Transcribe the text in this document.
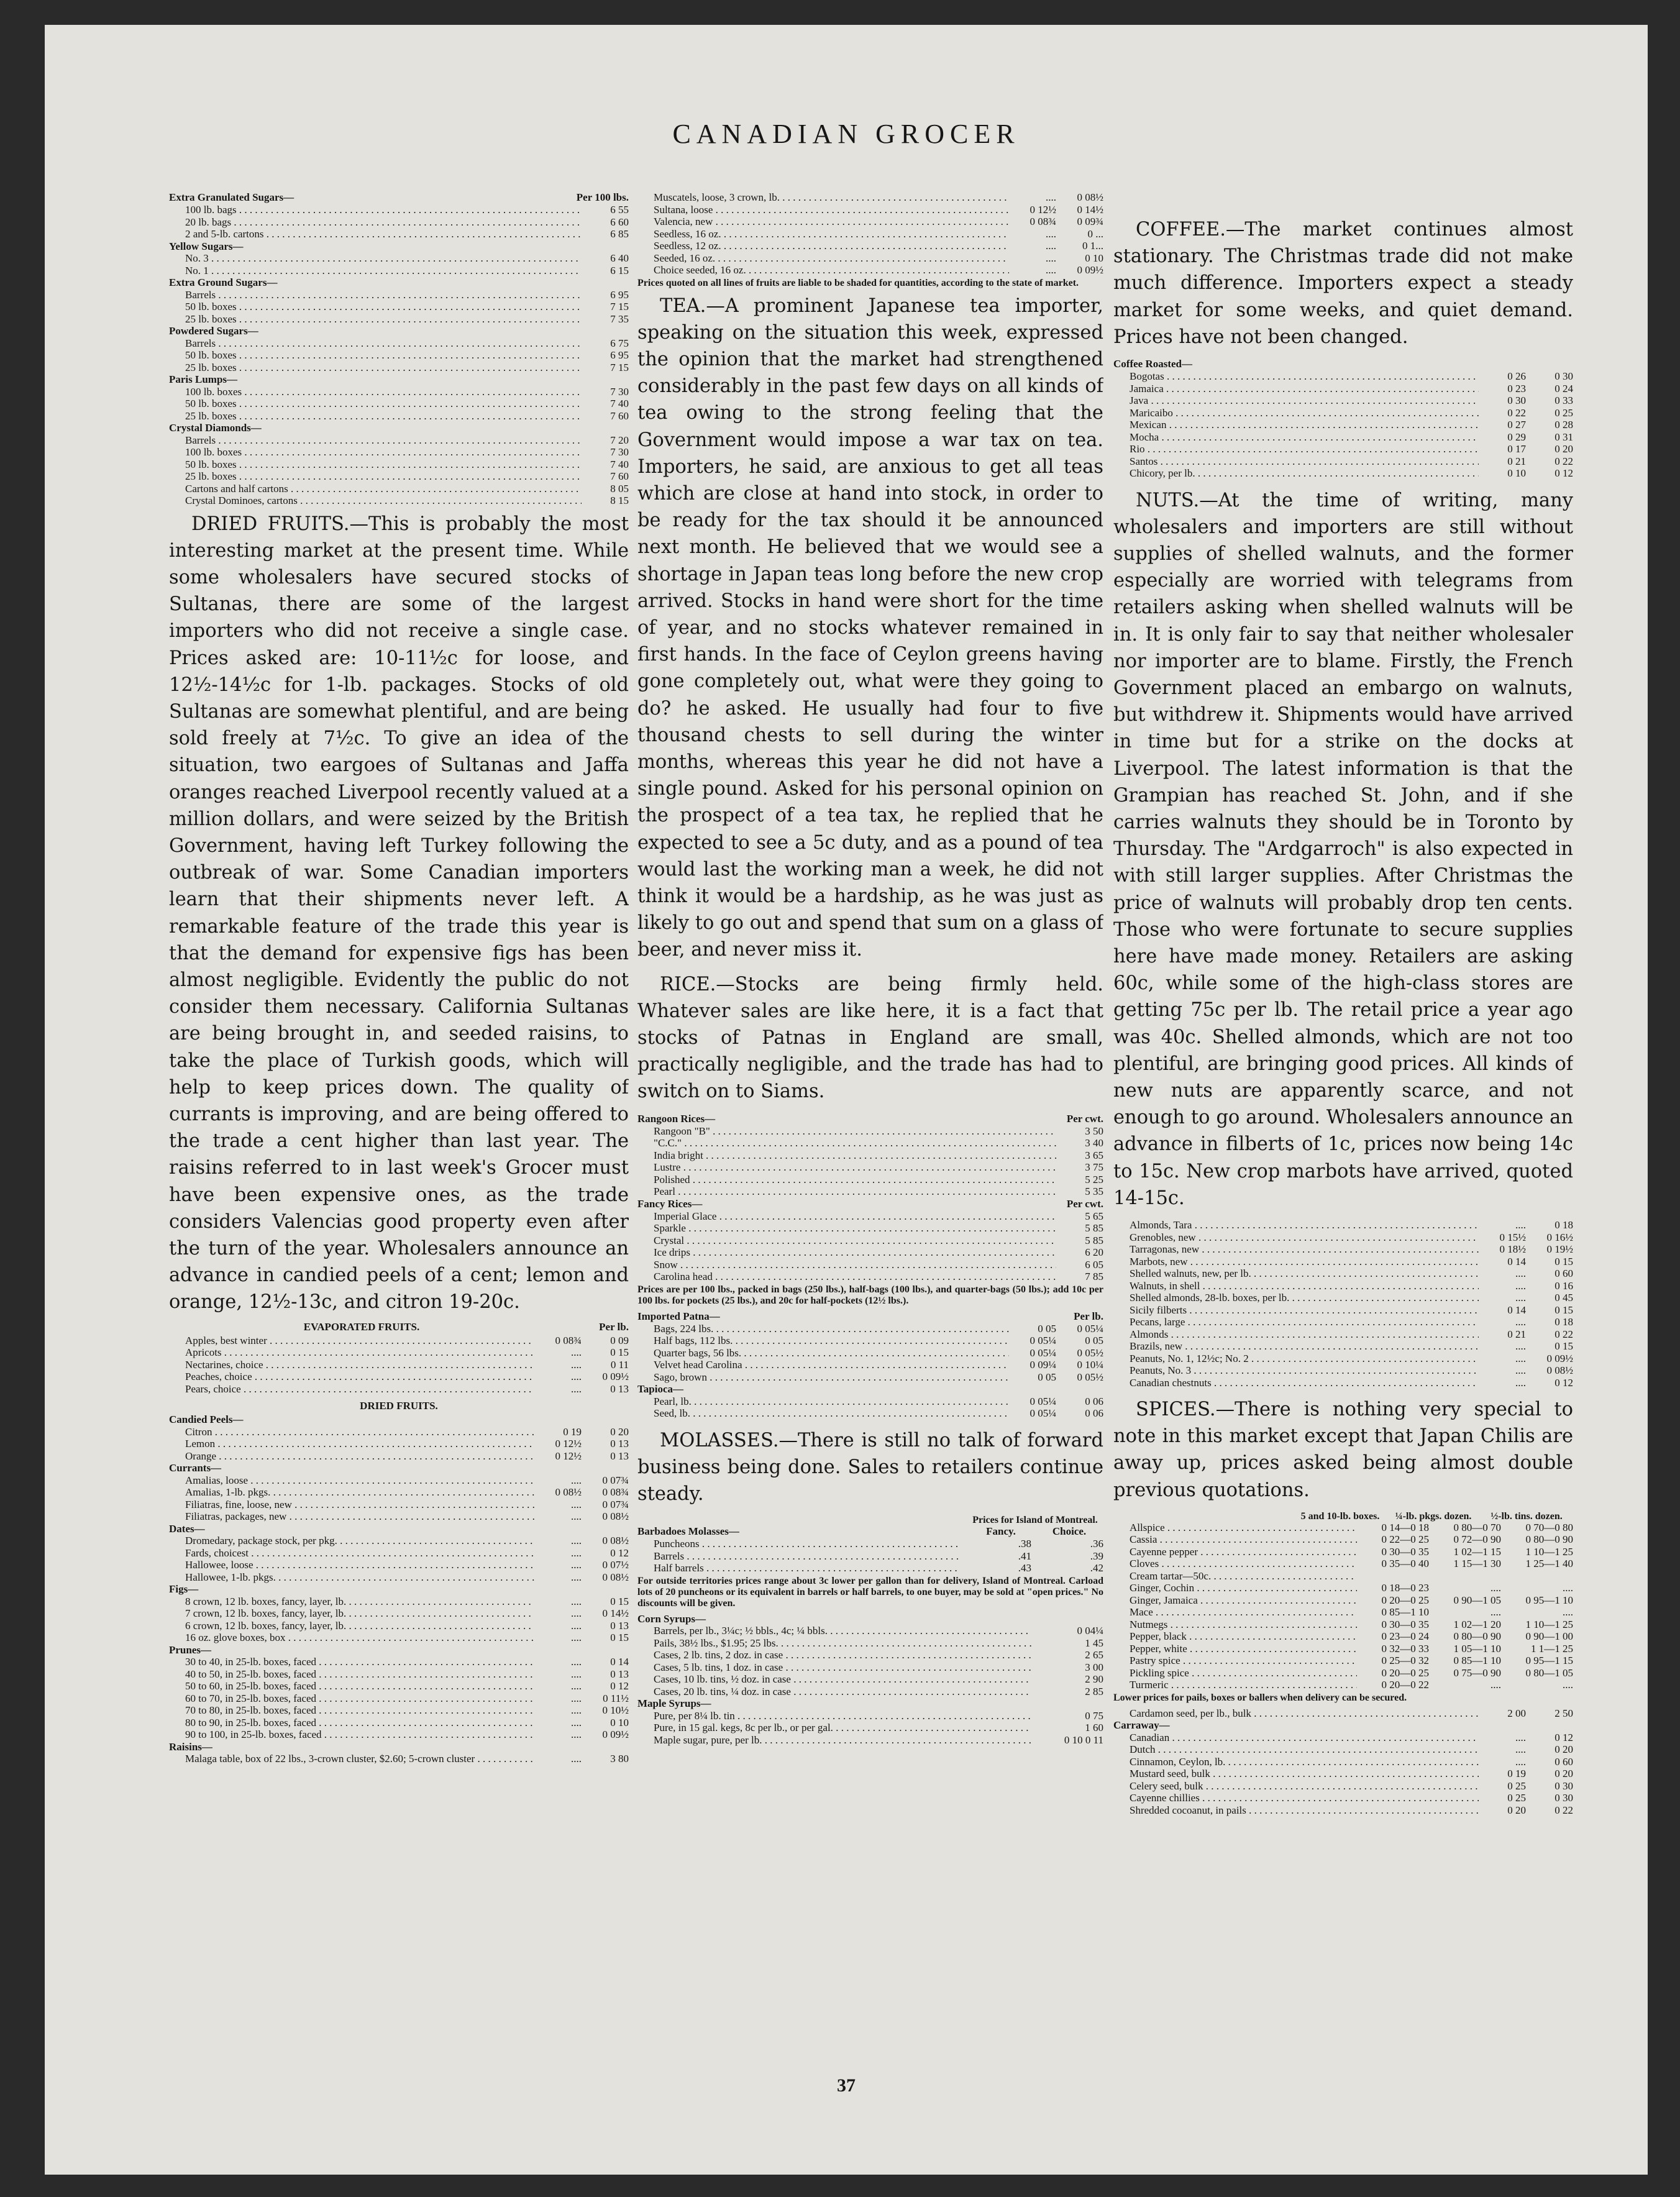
CANADIAN GROCER
Extra Granulated Sugars—	Per 100 lbs.
100 lb. bags . . .	6 55
20 lb. bags . . .	6 60
2 and 5-lb. cartons . . .	6 85
Yellow Sugars—
No. 3 . . .	6 40
No. 1 . . .	6 15
Extra Ground Sugars—
Barrels . . .	6 95
50 lb. boxes . . .	7 15
25 lb. boxes . . .	7 35
Powdered Sugars—
Barrels . . .	6 75
50 lb. boxes . . .	6 95
25 lb. boxes . . .	7 15
Paris Lumps—
100 lb. boxes . . .	7 30
50 lb. boxes . . .	7 40
25 lb. boxes . . .	7 60
Crystal Diamonds—
Barrels . . .	7 20
100 lb. boxes . . .	7 30
50 lb. boxes . . .	7 40
25 lb. boxes . . .	7 60
Cartons and half cartons . . .	8 05
Crystal Dominoes, cartons . . .	8 15

DRIED FRUITS.—This is probably the most interesting market at the present time. While some wholesalers have secured stocks of Sultanas, there are some of the largest importers who did not receive a single case. Prices asked are: 10-11½c for loose, and 12½-14½c for 1-lb. packages. Stocks of old Sultanas are somewhat plentiful, and are being sold freely at 7½c. To give an idea of the situation, two eargoes of Sultanas and Jaffa oranges reached Liverpool recently valued at a million dollars, and were seized by the British Government, having left Turkey following the outbreak of war. Some Canadian importers learn that their shipments never left. A remarkable feature of the trade this year is that the demand for expensive figs has been almost negligible. Evidently the public do not consider them necessary. California Sultanas are being brought in, and seeded raisins, to take the place of Turkish goods, which will help to keep prices down. The quality of currants is improving, and are being offered to the trade a cent higher than last year. The raisins referred to in last week's Grocer must have been expensive ones, as the trade considers Valencias good property even after the turn of the year. Wholesalers announce an advance in candied peels of a cent; lemon and orange, 12½-13c, and citron 19-20c.

EVAPORATED FRUITS.	Per lb.
Apples, best winter . . .	0 08¾	0 09
Apricots . . .	....	0 15
Nectarines, choice . . .	....	0 11
Peaches, choice . . .	....	0 09½
Pears, choice . . .	....	0 13
DRIED FRUITS.
Candied Peels—
Citron . . .	0 19	0 20
Lemon . . .	0 12½	0 13
Orange . . .	0 12½	0 13
Currants—
Amalias, loose . . .	....	0 07¾
Amalias, 1-lb. pkgs. . . .	0 08½	0 08¾
Filiatras, fine, loose, new . . .	....	0 07¾
Filiatras, packages, new . . .	....	0 08½
Dates—
Dromedary, package stock, per pkg. . . .	....	0 08½
Fards, choicest . . .	....	0 12
Hallowee, loose . . .	....	0 07½
Hallowee, 1-lb. pkgs. . . .	....	0 08½
Figs—
8 crown, 12 lb. boxes, fancy, layer, lb. . . .	....	0 15
7 crown, 12 lb. boxes, fancy, layer, lb. . . .	....	0 14½
6 crown, 12 lb. boxes, fancy, layer, lb. . . .	....	0 13
16 oz. glove boxes, box . . .	....	0 15
Prunes—
30 to 40, in 25-lb. boxes, faced . . .	....	0 14
40 to 50, in 25-lb. boxes, faced . . .	....	0 13
50 to 60, in 25-lb. boxes, faced . . .	....	0 12
60 to 70, in 25-lb. boxes, faced . . .	....	0 11½
70 to 80, in 25-lb. boxes, faced . . .	....	0 10½
80 to 90, in 25-lb. boxes, faced . . .	....	0 10
90 to 100, in 25-lb. boxes, faced . . .	....	0 09½
Raisins—
Malaga table, box of 22 lbs., 3-crown cluster, $2.60; 5-crown cluster . . .	....	3 80
Muscatels, loose, 3 crown, lb. . . .	....	0 08½
Sultana, loose . . .	0 12½	0 14½
Valencia, new . . .	0 08¾	0 09¾
Seedless, 16 oz. . . .	....	0 ...
Seedless, 12 oz. . . .	....	0 1...
Seeded, 16 oz. . . .	....	0 10
Choice seeded, 16 oz. . . .	....	0 09½
Prices quoted on all lines of fruits are liable to be shaded for quantities, according to the state of market.

TEA.—A prominent Japanese tea importer, speaking on the situation this week, expressed the opinion that the market had strengthened considerably in the past few days on all kinds of tea owing to the strong feeling that the Government would impose a war tax on tea. Importers, he said, are anxious to get all teas which are close at hand into stock, in order to be ready for the tax should it be announced next month. He believed that we would see a shortage in Japan teas long before the new crop arrived. Stocks in hand were short for the time of year, and no stocks whatever remained in first hands. In the face of Ceylon greens having gone completely out, what were they going to do? he asked. He usually had four to five thousand chests to sell during the winter months, whereas this year he did not have a single pound. Asked for his personal opinion on the prospect of a tea tax, he replied that he expected to see a 5c duty, and as a pound of tea would last the working man a week, he did not think it would be a hardship, as he was just as likely to go out and spend that sum on a glass of beer, and never miss it.

RICE.—Stocks are being firmly held. Whatever sales are like here, it is a fact that stocks of Patnas in England are small, practically negligible, and the trade has had to switch on to Siams.

Rangoon Rices—	Per cwt.
Rangoon "B" . . .	3 50
"C.C." . . .	3 40
India bright . . .	3 65
Lustre . . .	3 75
Polished . . .	5 25
Pearl . . .	5 35
Fancy Rices—	Per cwt.
Imperial Glace . . .	5 65
Sparkle . . .	5 85
Crystal . . .	5 85
Ice drips . . .	6 20
Snow . . .	6 05
Carolina head . . .	7 85
Prices are per 100 lbs., packed in bags (250 lbs.), half-bags (100 lbs.), and quarter-bags (50 lbs.); add 10c per 100 lbs. for pockets (25 lbs.), and 20c for half-pockets (12½ lbs.).
Imported Patna—	Per lb.
Bags, 224 lbs. . . .	0 05	0 05¼
Half bags, 112 lbs. . . .	0 05¼	0 05
Quarter bags, 56 lbs. . . .	0 05¼	0 05½
Velvet head Carolina . . .	0 09¼	0 10¼
Sago, brown . . .	0 05	0 05½
Tapioca—
Pearl, lb. . . .	0 05¼	0 06
Seed, lb. . . .	0 05¼	0 06

MOLASSES.—There is still no talk of forward business being done. Sales to retailers continue steady.

Prices for Island of Montreal.
Barbadoes Molasses—	Fancy.	Choice.
Puncheons . . .	.38	.36
Barrels . . .	.41	.39
Half barrels . . .	.43	.42
For outside territories prices range about 3c lower per gallon than for delivery, Island of Montreal. Carload lots of 20 puncheons or its equivalent in barrels or half barrels, to one buyer, may be sold at "open prices." No discounts will be given.
Corn Syrups—
Barrels, per lb., 3¼c; ½ bbls., 4c; ¼ bbls. . . .	0 04¼
Pails, 38½ lbs., $1.95; 25 lbs. . . .	1 45
Cases, 2 lb. tins, 2 doz. in case . . .	2 65
Cases, 5 lb. tins, 1 doz. in case . . .	3 00
Cases, 10 lb. tins, ½ doz. in case . . .	2 90
Cases, 20 lb. tins, ¼ doz. in case . . .	2 85
Maple Syrups—
Pure, per 8¼ lb. tin . . .	0 75
Pure, in 15 gal. kegs, 8c per lb., or per gal. . . .	1 60
Maple sugar, pure, per lb. . . .	0 10 0 11

COFFEE.—The market continues almost stationary. The Christmas trade did not make much difference. Importers expect a steady market for some weeks, and quiet demand. Prices have not been changed.

Coffee Roasted—
Bogotas . . .	0 26	0 30
Jamaica . . .	0 23	0 24
Java . . .	0 30	0 33
Maricaibo . . .	0 22	0 25
Mexican . . .	0 27	0 28
Mocha . . .	0 29	0 31
Rio . . .	0 17	0 20
Santos . . .	0 21	0 22
Chicory, per lb. . . .	0 10	0 12

NUTS.—At the time of writing, many wholesalers and importers are still without supplies of shelled walnuts, and the former especially are worried with telegrams from retailers asking when shelled walnuts will be in. It is only fair to say that neither wholesaler nor importer are to blame. Firstly, the French Government placed an embargo on walnuts, but withdrew it. Shipments would have arrived in time but for a strike on the docks at Liverpool. The latest information is that the Grampian has reached St. John, and if she carries walnuts they should be in Toronto by Thursday. The "Ardgarroch" is also expected in with still larger supplies. After Christmas the price of walnuts will probably drop ten cents. Those who were fortunate to secure supplies here have made money. Retailers are asking 60c, while some of the high-class stores are getting 75c per lb. The retail price a year ago was 40c. Shelled almonds, which are not too plentiful, are bringing good prices. All kinds of new nuts are apparently scarce, and not enough to go around. Wholesalers announce an advance in filberts of 1c, prices now being 14c to 15c. New crop marbots have arrived, quoted 14-15c.

Almonds, Tara . . .	....	0 18
Grenobles, new . . .	0 15½	0 16½
Tarragonas, new . . .	0 18½	0 19½
Marbots, new . . .	0 14	0 15
Shelled walnuts, new, per lb. . . .	....	0 60
Walnuts, in shell . . .	....	0 16
Shelled almonds, 28-lb. boxes, per lb. . . .	....	0 45
Sicily filberts . . .	0 14	0 15
Pecans, large . . .	....	0 18
Almonds . . .	0 21	0 22
Brazils, new . . .	....	0 15
Peanuts, No. 1, 12½c; No. 2 . . .	....	0 09½
Peanuts, No. 3 . . .	....	0 08½
Canadian chestnuts . . .	....	0 12

SPICES.—There is nothing very special to note in this market except that Japan Chilis are away up, prices asked being almost double previous quotations.

5 and 10-lb. boxes.	¼-lb. pkgs. dozen.	½-lb. tins. dozen.
Allspice . . .	0 14—0 18	0 80—0 70	0 70—0 80
Cassia . . .	0 22—0 25	0 72—0 90	0 80—0 90
Cayenne pepper . . .	0 30—0 35	1 02—1 15	1 10—1 25
Cloves . . .	0 35—0 40	1 15—1 30	1 25—1 40
Cream tartar—50c. . . .
Ginger, Cochin . . .	0 18—0 23	....	....
Ginger, Jamaica . . .	0 20—0 25	0 90—1 05	0 95—1 10
Mace . . .	0 85—1 10	....	....
Nutmegs . . .	0 30—0 35	1 02—1 20	1 10—1 25
Pepper, black . . .	0 23—0 24	0 80—0 90	0 90—1 00
Pepper, white . . .	0 32—0 33	1 05—1 10	1 1—1 25
Pastry spice . . .	0 25—0 32	0 85—1 10	0 95—1 15
Pickling spice . . .	0 20—0 25	0 75—0 90	0 80—1 05
Turmeric . . .	0 20—0 22	....	....
Lower prices for pails, boxes or ballers when delivery can be secured.
Cardamon seed, per lb., bulk . . .	2 00	2 50
Carraway—
Canadian . . .	....	0 12
Dutch . . .	....	0 20
Cinnamon, Ceylon, lb. . . .	....	0 60
Mustard seed, bulk . . .	0 19	0 20
Celery seed, bulk . . .	0 25	0 30
Cayenne chillies . . .	0 25	0 30
Shredded cocoanut, in pails . . .	0 20	0 22
37
